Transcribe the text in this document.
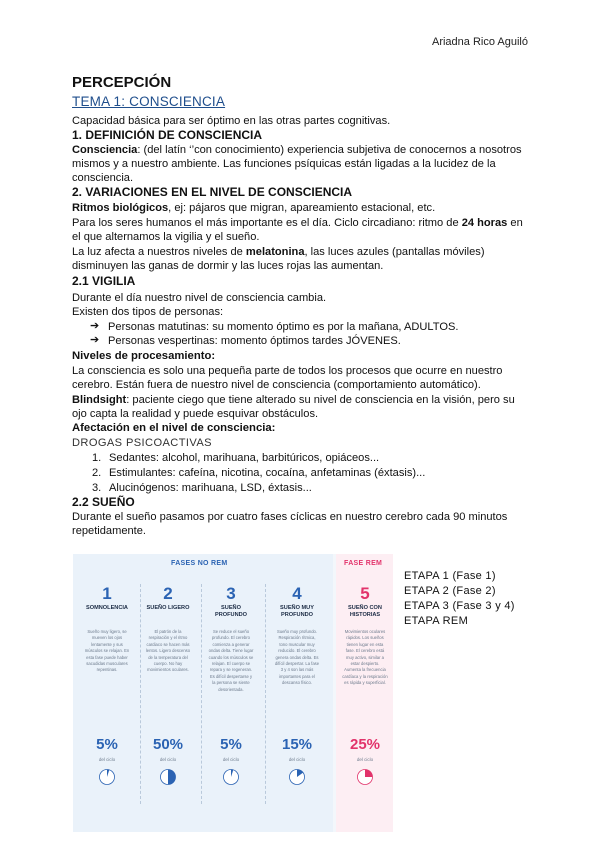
Ariadna Rico Aguiló
PERCEPCIÓN
TEMA 1: CONSCIENCIA
Capacidad básica para ser óptimo en las otras partes cognitivas.
1. DEFINICIÓN DE CONSCIENCIA
Consciencia: (del latín ‘’con conocimiento) experiencia subjetiva de conocernos a nosotros
mismos y a nuestro ambiente. Las funciones psíquicas están ligadas a la lucidez de la
consciencia.
2. VARIACIONES EN EL NIVEL DE CONSCIENCIA
Ritmos biológicos, ej: pájaros que migran, apareamiento estacional, etc.
Para los seres humanos el más importante es el día. Ciclo circadiano: ritmo de 24 horas en
el que alternamos la vigilia y el sueño.
La luz afecta a nuestros niveles de melatonina, las luces azules (pantallas móviles)
disminuyen las ganas de dormir y las luces rojas las aumentan.
2.1 VIGILIA
Durante el día nuestro nivel de consciencia cambia.
Existen dos tipos de personas:
➔ Personas matutinas: su momento óptimo es por la mañana, ADULTOS.
➔ Personas vespertinas: momento óptimos tardes JÓVENES.
Niveles de procesamiento:
La consciencia es solo una pequeña parte de todos los procesos que ocurre en nuestro
cerebro. Están fuera de nuestro nivel de consciencia (comportamiento automático).
Blindsight: paciente ciego que tiene alterado su nivel de consciencia en la visión, pero su
ojo capta la realidad y puede esquivar obstáculos.
Afectación en el nivel de consciencia:
DROGAS PSICOACTIVAS
1. Sedantes: alcohol, marihuana, barbitúricos, opiáceos...
2. Estimulantes: cafeína, nicotina, cocaína, anfetaminas (éxtasis)...
3. Alucinógenos: marihuana, LSD, éxtasis...
2.2 SUEÑO
Durante el sueño pasamos por cuatro fases cíclicas en nuestro cerebro cada 90 minutos
repetidamente.
FASES NO REM	FASE REM
1
SOMNOLENCIA
Sueño muy ligero, se mueven los ojos lentamente y sus músculos se relajan. En esta fase puede haber sacudidas musculares repentinas.
5%
del ciclo
2
SUEÑO LIGERO
El patrón de la respiración y el ritmo cardiaco se hacen más lentos. Ligero descenso de la temperatura del cuerpo. No hay movimientos oculares.
50%
del ciclo
3
SUEÑO PROFUNDO
Se reduce el sueño profundo. El cerebro comienza a generar ondas delta. Tiene lugar cuando los músculos se relajan. El cuerpo se repara y se regeneran. Es difícil despertarse y la persona se siente desorientada.
5%
del ciclo
4
SUEÑO MUY PROFUNDO
Sueño muy profundo. Respiración rítmica, tono muscular muy reducido. El cerebro genera ondas delta. Es difícil despertar. La fase 3 y 4 son las más importantes para el descanso físico.
15%
del ciclo
5
SUEÑO CON HISTORIAS
Movimientos oculares rápidos. Los sueños tienen lugar en esta fase. El cerebro está muy activo, similar a estar despierto. Aumenta la frecuencia cardíaca y la respiración es rápida y superficial.
25%
del ciclo
ETAPA 1 (Fase 1)
ETAPA 2 (Fase 2)
ETAPA 3 (Fase 3 y 4)
ETAPA REM
